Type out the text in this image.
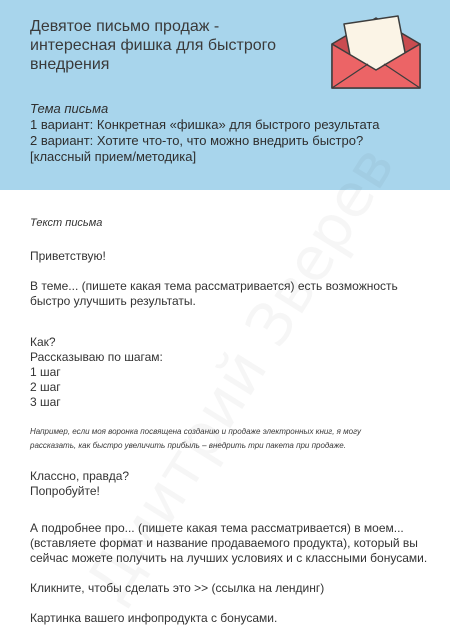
Девятое письмо продаж -
интересная фишка для быстрого
внедрения
Тема письма
1 вариант: Конкретная «фишка» для быстрого результата
2 вариант: Хотите что-то, что можно внедрить быстро?
[классный прием/методика]
Текст письма

Приветствую!

В теме... (пишете какая тема рассматривается) есть возможность
быстро улучшить результаты.

Как?
Рассказываю по шагам:
1 шаг
2 шаг
3 шаг

Например, если моя воронка посвящена созданию и продаже электронных книг, я могу
рассказать, как быстро увеличить прибыль – внедрить три пакета при продаже.

Классно, правда?
Попробуйте!

А подробнее про... (пишете какая тема рассматривается) в моем...
(вставляете формат и название продаваемого продукта), который вы
сейчас можете получить на лучших условиях и с классными бонусами.

Кликните, чтобы сделать это >> (ссылка на лендинг)

Картинка вашего инфопродукта с бонусами.
